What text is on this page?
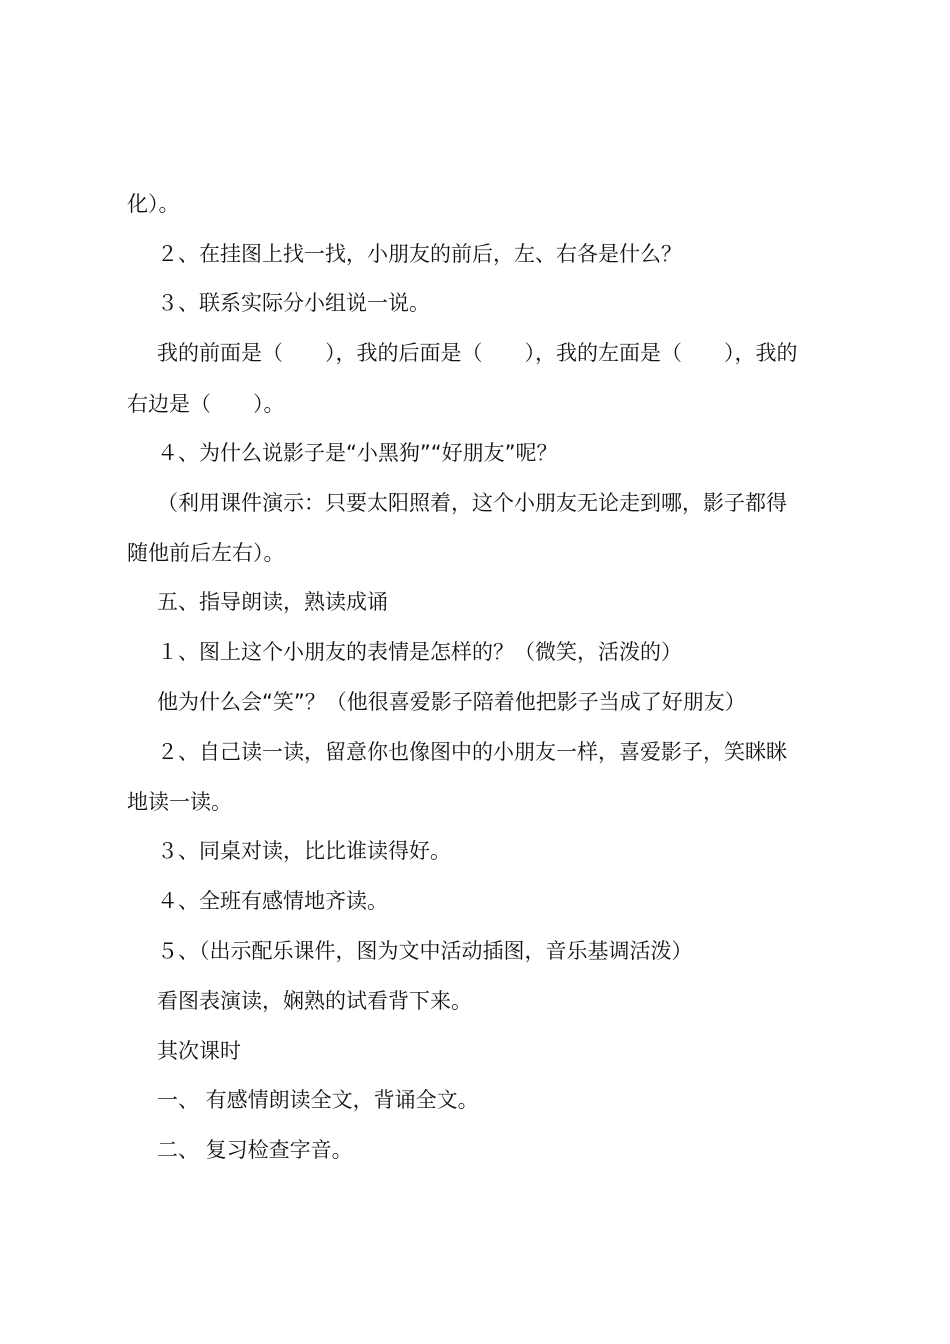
化）。
２、在挂图上找一找，小朋友的前后，左、右各是什么？
３、联系实际分小组说一说。
我的前面是（　　），我的后面是（　　），我的左面是（　　），我的
右边是（　　）。
４、为什么说影子是“小黑狗”“好朋友”呢？
（利用课件演示：只要太阳照着，这个小朋友无论走到哪，影子都得
随他前后左右）。
五、指导朗读，熟读成诵
１、图上这个小朋友的表情是怎样的？（微笑，活泼的）
他为什么会“笑”？（他很喜爱影子陪着他把影子当成了好朋友）
２、自己读一读，留意你也像图中的小朋友一样，喜爱影子，笑眯眯
地读一读。
３、同桌对读，比比谁读得好。
４、全班有感情地齐读。
５、（出示配乐课件，图为文中活动插图，音乐基调活泼）
看图表演读，娴熟的试看背下来。
其次课时
一、 有感情朗读全文，背诵全文。
二、 复习检查字音。
